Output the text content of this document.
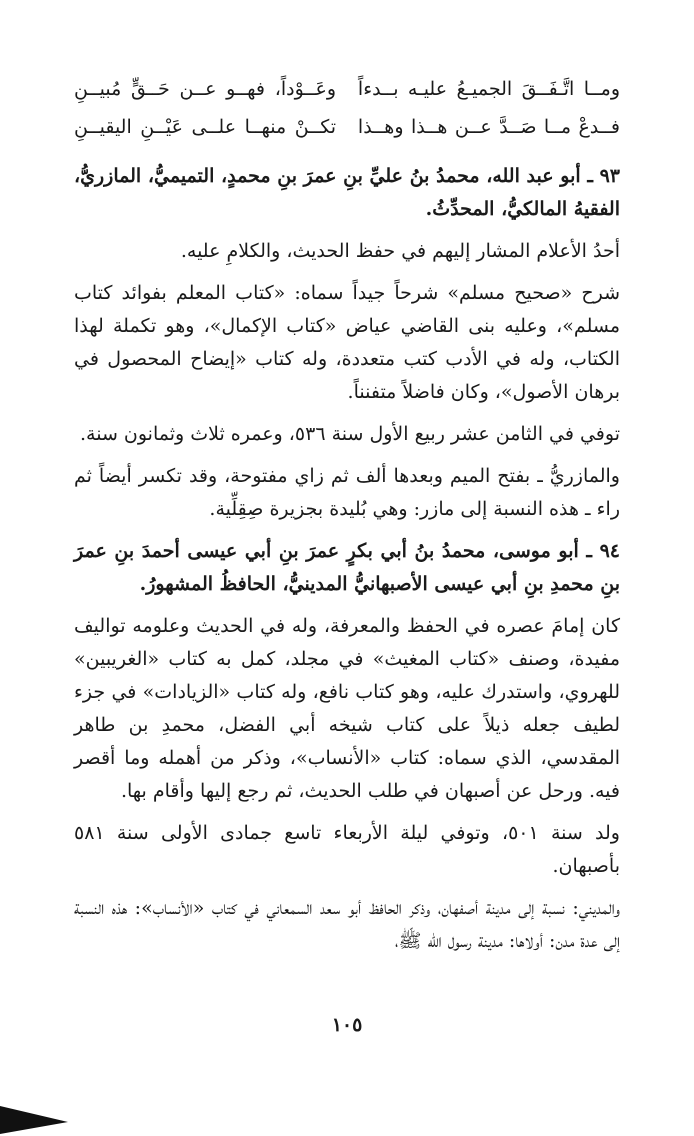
ومــا اتَّـفَــقَ الجميـعُ عليـه بــدءاً
وعَــوْداً، فهــو عــن حَــقٍّ مُبيــنِ
فــدعْ مــا صَــدَّ عــن هــذا وهــذا
تكــنْ منهــا علــى عَيْــنِ اليقيــنِ

٩٣ ـ أبو عبد الله، محمدُ بنُ عليِّ بنِ عمرَ بنِ محمدٍ، التميميُّ، المازريُّ، الفقيهُ المالكيُّ، المحدِّثُ.

أحدُ الأعلام المشار إليهم في حفظ الحديث، والكلامِ عليه.

شرح «صحيح مسلم» شرحاً جيداً سماه: «كتاب المعلم بفوائد كتاب مسلم»، وعليه بنى القاضي عياض «كتاب الإكمال»، وهو تكملة لهذا الكتاب، وله في الأدب كتب متعددة، وله كتاب «إيضاح المحصول في برهان الأصول»، وكان فاضلاً متفنناً.

توفي في الثامن عشر ربيع الأول سنة ٥٣٦، وعمره ثلاث وثمانون سنة.

والمازريُّ ـ بفتح الميم وبعدها ألف ثم زاي مفتوحة، وقد تكسر أيضاً ثم راء ـ هذه النسبة إلى مازر: وهي بُليدة بجزيرة صِقِلِّية.

٩٤ ـ أبو موسى، محمدُ بنُ أبي بكرٍ عمرَ بنِ أبي عيسى أحمدَ بنِ عمرَ بنِ محمدِ بنِ أبي عيسى الأصبهانيُّ المدينيُّ، الحافظُ المشهورُ.

كان إمامَ عصره في الحفظ والمعرفة، وله في الحديث وعلومه تواليف مفيدة، وصنف «كتاب المغيث» في مجلد، كمل به كتاب «الغريبين» للهروي، واستدرك عليه، وهو كتاب نافع، وله كتاب «الزيادات» في جزء لطيف جعله ذيلاً على كتاب شيخه أبي الفضل، محمدِ بن طاهر المقدسي، الذي سماه: كتاب «الأنساب»، وذكر من أهمله وما أقصر فيه. ورحل عن أصبهان في طلب الحديث، ثم رجع إليها وأقام بها.

ولد سنة ٥٠١، وتوفي ليلة الأربعاء تاسع جمادى الأولى سنة ٥٨١ بأصبهان.

والمديني: نسبة إلى مدينة أصفهان، وذكر الحافظ أبو سعد السمعاني في كتاب «الأنساب»: هذه النسبة إلى عدة مدن: أولاها: مدينة رسول الله ﷺ،

١٠٥
